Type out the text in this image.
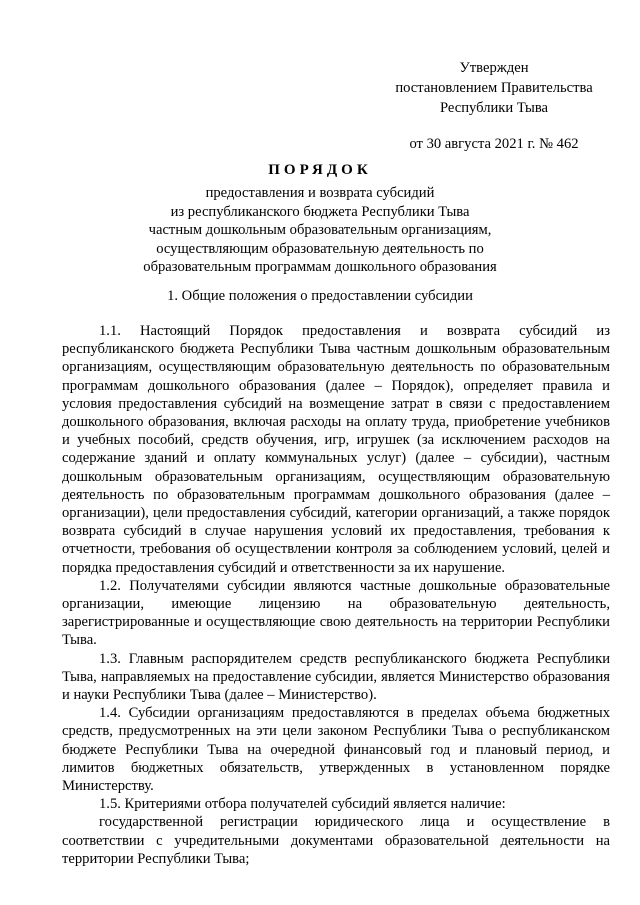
Утвержден
постановлением Правительства
Республики Тыва
от 30 августа 2021 г. № 462
ПОРЯДОК
предоставления и возврата субсидий
из республиканского бюджета Республики Тыва
частным дошкольным образовательным организациям,
осуществляющим образовательную деятельность по
образовательным программам дошкольного образования
1. Общие положения о предоставлении субсидии

1.1. Настоящий Порядок предоставления и возврата субсидий из республиканского бюджета Республики Тыва частным дошкольным образовательным организациям, осуществляющим образовательную деятельность по образовательным программам дошкольного образования (далее – Порядок), определяет правила и условия предоставления субсидий на возмещение затрат в связи с предоставлением дошкольного образования, включая расходы на оплату труда, приобретение учебников и учебных пособий, средств обучения, игр, игрушек (за исключением расходов на содержание зданий и оплату коммунальных услуг) (далее – субсидии), частным дошкольным образовательным организациям, осуществляющим образовательную деятельность по образовательным программам дошкольного образования (далее – организации), цели предоставления субсидий, категории организаций, а также порядок возврата субсидий в случае нарушения условий их предоставления, требования к отчетности, требования об осуществлении контроля за соблюдением условий, целей и порядка предоставления субсидий и ответственности за их нарушение.

1.2. Получателями субсидии являются частные дошкольные образовательные организации, имеющие лицензию на образовательную деятельность, зарегистрированные и осуществляющие свою деятельность на территории Республики Тыва.

1.3. Главным распорядителем средств республиканского бюджета Республики Тыва, направляемых на предоставление субсидии, является Министерство образования и науки Республики Тыва (далее – Министерство).

1.4. Субсидии организациям предоставляются в пределах объема бюджетных средств, предусмотренных на эти цели законом Республики Тыва о республиканском бюджете Республики Тыва на очередной финансовый год и плановый период, и лимитов бюджетных обязательств, утвержденных в установленном порядке Министерству.

1.5. Критериями отбора получателей субсидий является наличие:

государственной регистрации юридического лица и осуществление в соответствии с учредительными документами образовательной деятельности на территории Республики Тыва;
